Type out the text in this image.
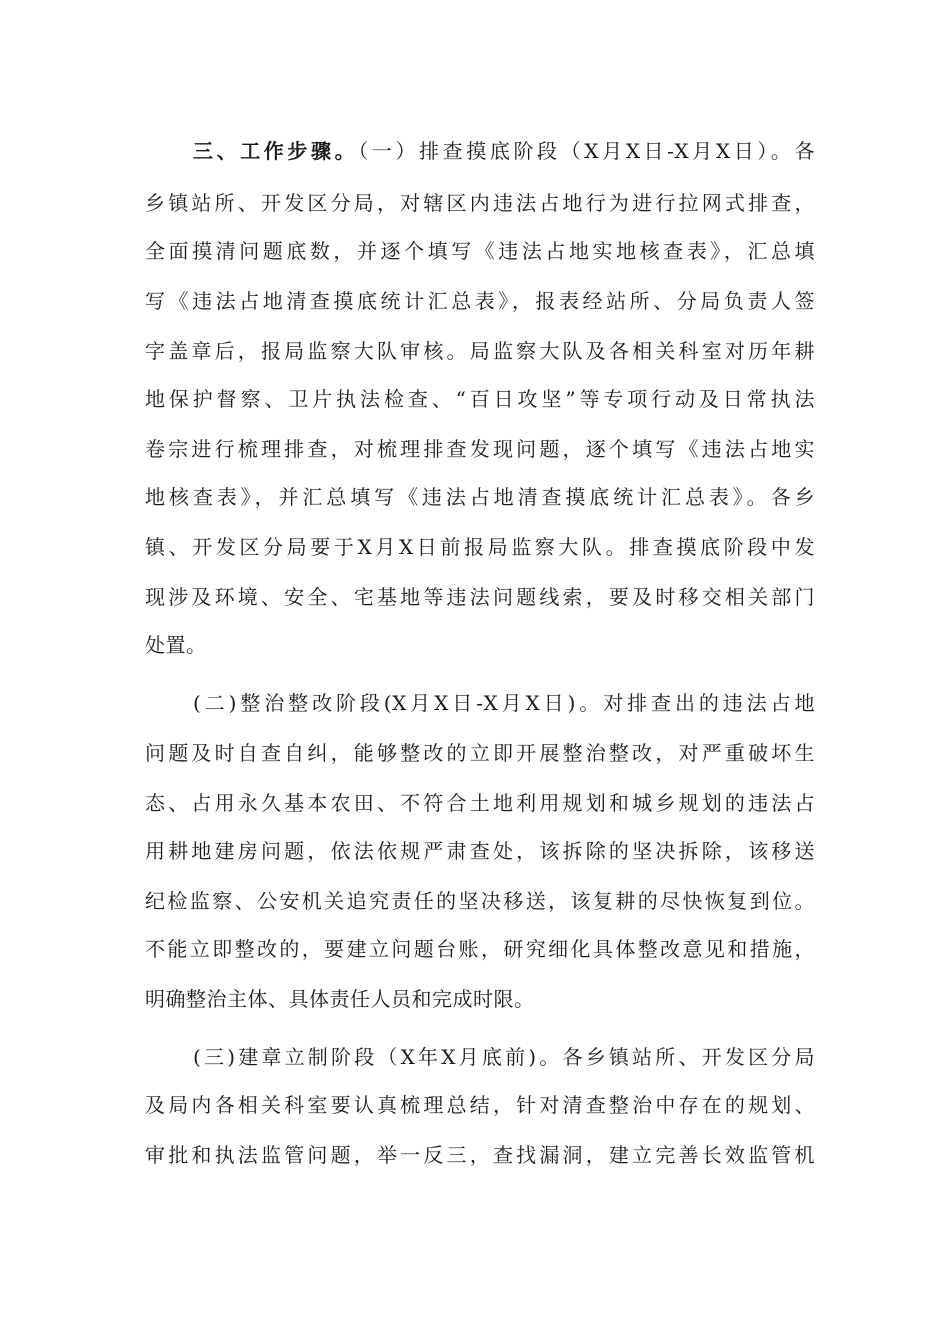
三、工作步骤。（一）排查摸底阶段（X月X日-X月X日）。各
乡镇站所、开发区分局，对辖区内违法占地行为进行拉网式排查，
全面摸清问题底数，并逐个填写《违法占地实地核查表》，汇总填
写《违法占地清查摸底统计汇总表》，报表经站所、分局负责人签
字盖章后，报局监察大队审核。局监察大队及各相关科室对历年耕
地保护督察、卫片执法检查、“百日攻坚”等专项行动及日常执法
卷宗进行梳理排查，对梳理排查发现问题，逐个填写《违法占地实
地核查表》，并汇总填写《违法占地清查摸底统计汇总表》。各乡
镇、开发区分局要于X月X日前报局监察大队。排查摸底阶段中发
现涉及环境、安全、宅基地等违法问题线索，要及时移交相关部门
处置。
(二)整治整改阶段(X月X日-X月X日)。对排查出的违法占地
问题及时自查自纠，能够整改的立即开展整治整改，对严重破坏生
态、占用永久基本农田、不符合土地利用规划和城乡规划的违法占
用耕地建房问题，依法依规严肃查处，该拆除的坚决拆除，该移送
纪检监察、公安机关追究责任的坚决移送，该复耕的尽快恢复到位。
不能立即整改的，要建立问题台账，研究细化具体整改意见和措施，
明确整治主体、具体责任人员和完成时限。
(三)建章立制阶段（X年X月底前)。各乡镇站所、开发区分局
及局内各相关科室要认真梳理总结，针对清查整治中存在的规划、
审批和执法监管问题，举一反三，查找漏洞，建立完善长效监管机
